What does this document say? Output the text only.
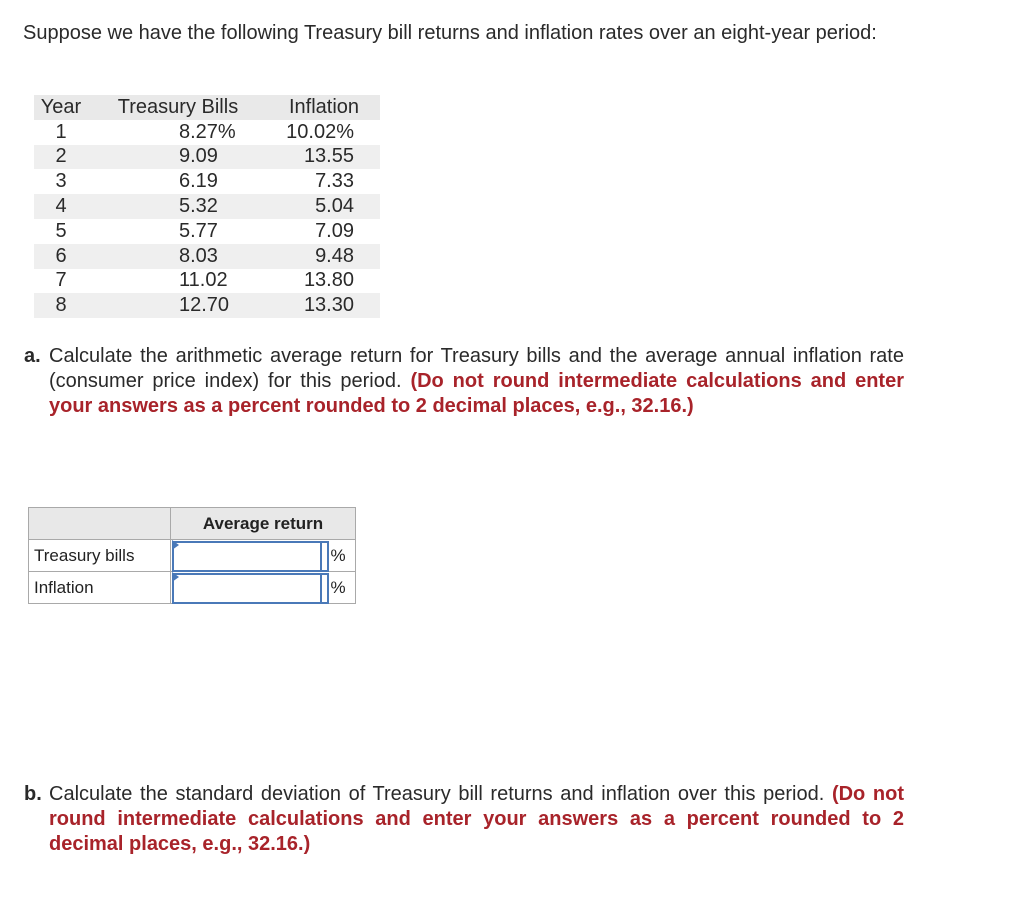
Suppose we have the following Treasury bill returns and inflation rates over an eight-year period:

Year	Treasury Bills	Inflation
1	8.27%	10.02%
2	9.09	13.55
3	6.19	7.33
4	5.32	5.04
5	5.77	7.09
6	8.03	9.48
7	11.02	13.80
8	12.70	13.30
a. Calculate the arithmetic average return for Treasury bills and the average annual inflation rate (consumer price index) for this period. (Do not round intermediate calculations and enter your answers as a percent rounded to 2 decimal places, e.g., 32.16.)
	Average return
Treasury bills	%

Inflation	%
b. Calculate the standard deviation of Treasury bill returns and inflation over this period. (Do not round intermediate calculations and enter your answers as a percent rounded to 2 decimal places, e.g., 32.16.)
